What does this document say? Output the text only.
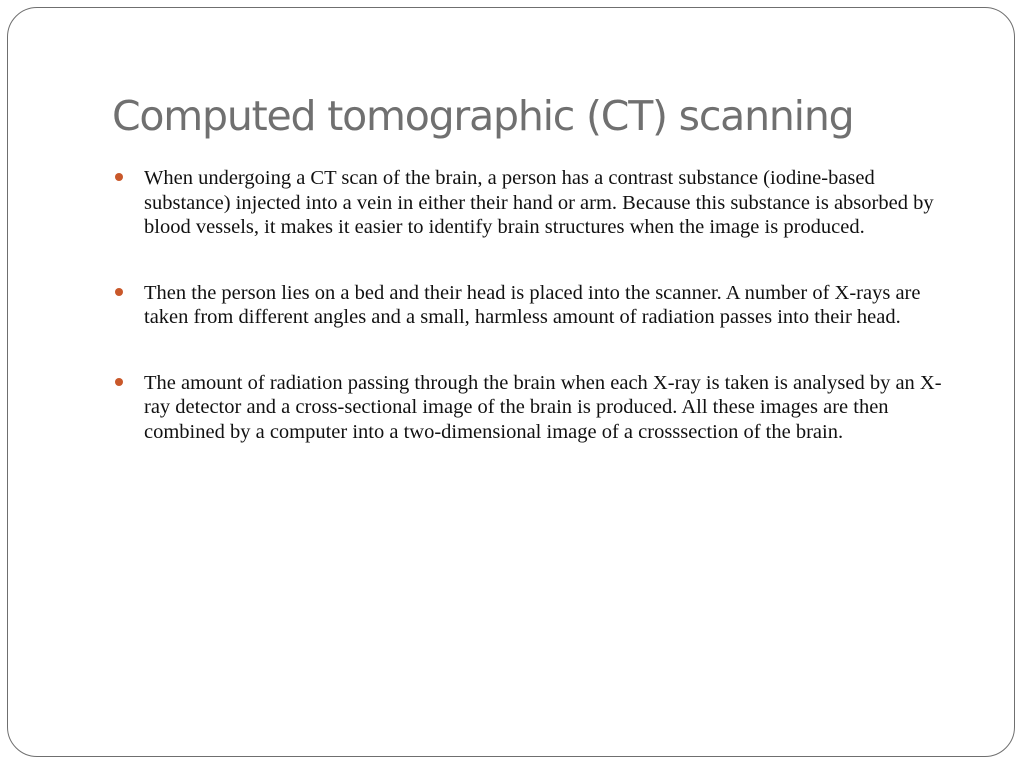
Computed tomographic (CT) scanning
When undergoing a CT scan of the brain, a person has a contrast substance (iodine-based substance) injected into a vein in either their hand or arm. Because this substance is absorbed by blood vessels, it makes it easier to identify brain structures when the image is produced.
Then the person lies on a bed and their head is placed into the scanner. A number of X-rays are taken from different angles and a small, harmless amount of radiation passes into their head.
The amount of radiation passing through the brain when each X-ray is taken is analysed by an X-ray detector and a cross-sectional image of the brain is produced. All these images are then combined by a computer into a two-dimensional image of a crosssection of the brain.
